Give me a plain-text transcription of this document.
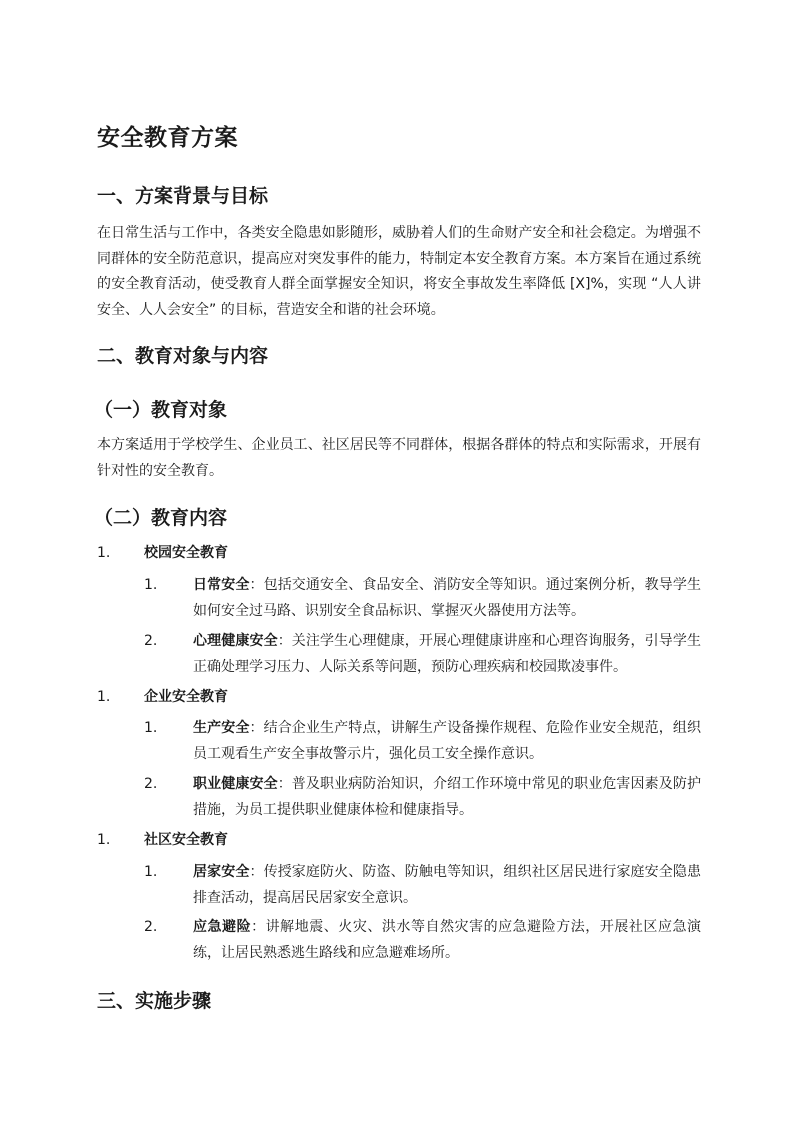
安全教育方案
一、方案背景与目标

在日常生活与工作中，各类安全隐患如影随形，威胁着人们的生命财产安全和社会稳定。为增强不同群体的安全防范意识，提高应对突发事件的能力，特制定本安全教育方案。本方案旨在通过系统的安全教育活动，使受教育人群全面掌握安全知识，将安全事故发生率降低 [X]%，实现 “人人讲安全、人人会安全” 的目标，营造安全和谐的社会环境。

二、教育对象与内容
（一）教育对象

本方案适用于学校学生、企业员工、社区居民等不同群体，根据各群体的特点和实际需求，开展有针对性的安全教育。

（二）教育内容
1. 校园安全教育
1.	日常安全：包括交通安全、食品安全、消防安全等知识。通过案例分析，教导学生如何安全过马路、识别安全食品标识、掌握灭火器使用方法等。
2.	心理健康安全：关注学生心理健康，开展心理健康讲座和心理咨询服务，引导学生正确处理学习压力、人际关系等问题，预防心理疾病和校园欺凌事件。
1. 企业安全教育
1.	生产安全：结合企业生产特点，讲解生产设备操作规程、危险作业安全规范，组织员工观看生产安全事故警示片，强化员工安全操作意识。
2.	职业健康安全：普及职业病防治知识，介绍工作环境中常见的职业危害因素及防护措施，为员工提供职业健康体检和健康指导。
1. 社区安全教育
1.	居家安全：传授家庭防火、防盗、防触电等知识，组织社区居民进行家庭安全隐患排查活动，提高居民居家安全意识。
2.	应急避险：讲解地震、火灾、洪水等自然灾害的应急避险方法，开展社区应急演练，让居民熟悉逃生路线和应急避难场所。
三、实施步骤
